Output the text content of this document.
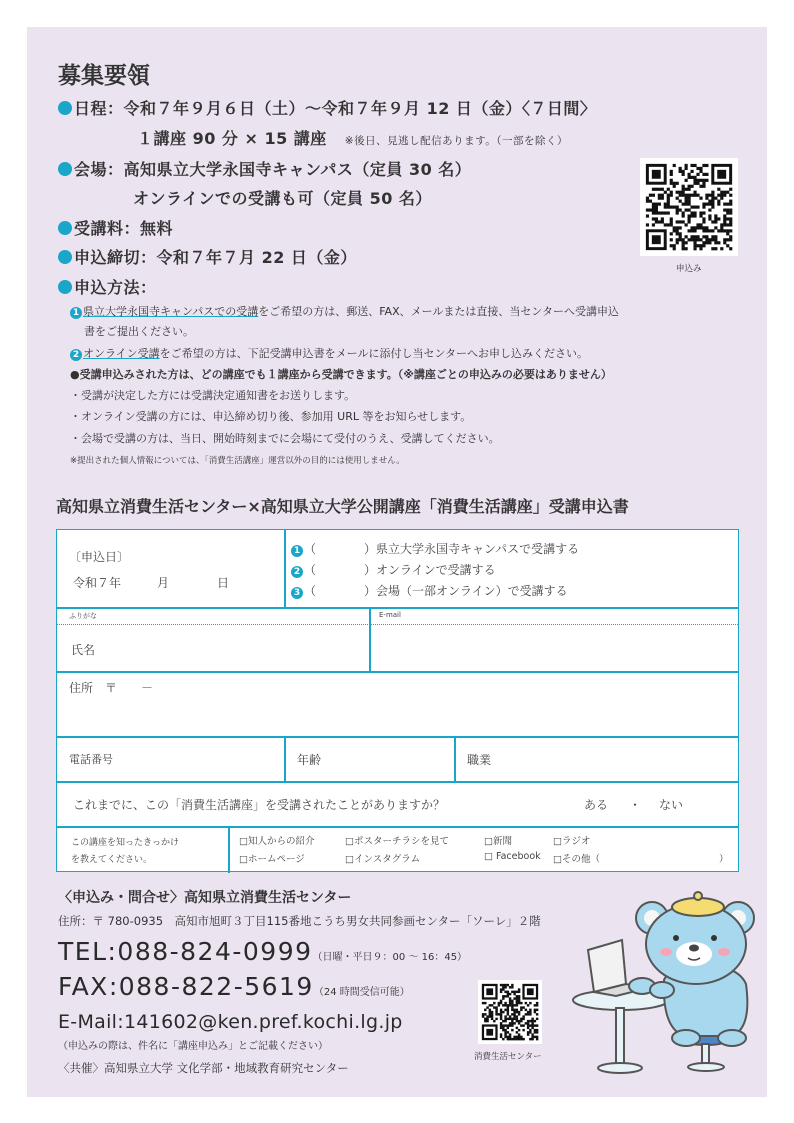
募集要領
日程：令和７年９月６日（土）～令和７年９月 12 日（金）〈７日間〉
１講座 90 分 × 15 講座 ※後日、見逃し配信あります。（一部を除く）
会場：高知県立大学永国寺キャンパス（定員 30 名）
オンラインでの受講も可（定員 50 名）
受講料：無料
申込締切：令和７年７月 22 日（金）
申込方法：
申込み
1 県立大学永国寺キャンパスでの受講をご希望の方は、郵送、FAX、メールまたは直接、当センターへ受講申込
書をご提出ください。
2 オンライン受講をご希望の方は、下記受講申込書をメールに添付し当センターへお申し込みください。
●受講申込みされた方は、どの講座でも１講座から受講できます。（※講座ごとの申込みの必要はありません）
・受講が決定した方には受講決定通知書をお送りします。
・オンライン受講の方には、申込締め切り後、参加用 URL 等をお知らせします。
・会場で受講の方は、当日、開始時刻までに会場にて受付のうえ、受講してください。
※提出された個人情報については、「消費生活講座」運営以外の目的には使用しません。
高知県立消費生活センター×高知県立大学公開講座「消費生活講座」受講申込書
〔申込日〕
令和７年　　　月　　　　日
1 （　　　　）県立大学永国寺キャンパスで受講する
2 （　　　　）オンラインで受講する
3 （　　　　）会場（一部オンライン）で受講する
ふりがな	E-mail
氏名
住所　〒　　－
電話番号	年齢	職業
これまでに、この「消費生活講座」を受講されたことがありますか？	ある ・ ない
この講座を知ったきっかけ
を教えてください。
□知人からの紹介	□ポスターチラシを見て	□新聞	□ラジオ
□ホームページ	□インスタグラム	□ Facebook □その他（	）
〈申込み・問合せ〉高知県立消費生活センター
住所：〒 780-0935　高知市旭町３丁目115番地こうち男女共同参画センター「ソーレ」２階
TEL:088-824-0999（日曜・平日９：00 ～ 16：45）
FAX:088-822-5619（24 時間受信可能）
E-Mail:141602@ken.pref.kochi.lg.jp
（申込みの際は、件名に「講座申込み」とご記載ください）
〈共催〉高知県立大学 文化学部・地域教育研究センター
消費生活センター
